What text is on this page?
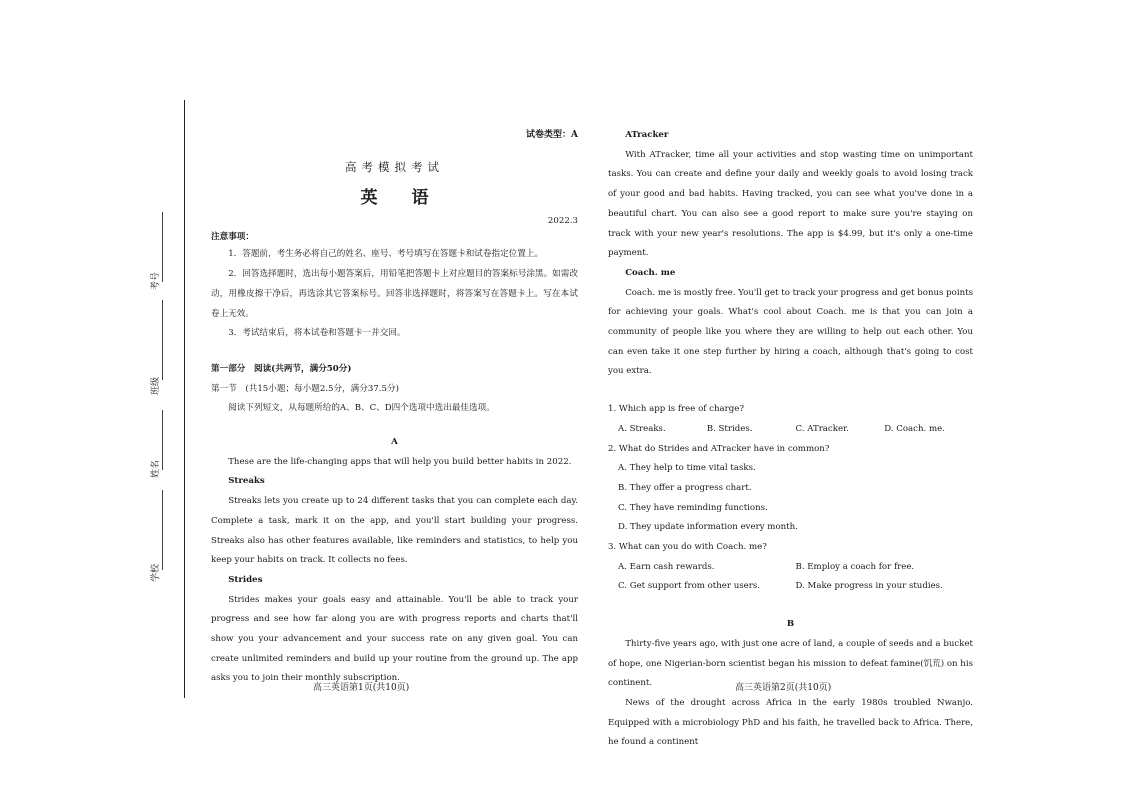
考号
班级
姓名
学校
试卷类型：A
高考模拟考试
英　　语
2022.3
注意事项：

1．答题前，考生务必将自己的姓名、座号、考号填写在答题卡和试卷指定位置上。

2．回答选择题时，选出每小题答案后，用铅笔把答题卡上对应题目的答案标号涂黑。如需改动，用橡皮擦干净后，再选涂其它答案标号。回答非选择题时，将答案写在答题卡上。写在本试卷上无效。

3．考试结束后，将本试卷和答题卡一并交回。

第一部分　阅读(共两节，满分50分)
第一节　(共15小题；每小题2.5分，满分37.5分)
阅读下列短文，从每题所给的A、B、C、D四个选项中选出最佳选项。
A

These are the life-changing apps that will help you build better habits in 2022.

Streaks

Streaks lets you create up to 24 different tasks that you can complete each day. Complete a task, mark it on the app, and you'll start building your progress. Streaks also has other features available, like reminders and statistics, to help you keep your habits on track. It collects no fees.

Strides

Strides makes your goals easy and attainable. You'll be able to track your progress and see how far along you are with progress reports and charts that'll show you your advancement and your success rate on any given goal. You can create unlimited reminders and build up your routine from the ground up. The app asks you to join their monthly subscription.

高三英语第1页(共10页)
ATracker

With ATracker, time all your activities and stop wasting time on unimportant tasks. You can create and define your daily and weekly goals to avoid losing track of your good and bad habits. Having tracked, you can see what you've done in a beautiful chart. You can also see a good report to make sure you're staying on track with your new year's resolutions. The app is $4.99, but it's only a one-time payment.

Coach. me

Coach. me is mostly free. You'll get to track your progress and get bonus points for achieving your goals. What's cool about Coach. me is that you can join a community of people like you where they are willing to help out each other. You can even take it one step further by hiring a coach, although that's going to cost you extra.

1. Which app is free of charge?
A. Streaks.	B. Strides.	C. ATracker.	D. Coach. me.
2. What do Strides and ATracker have in common?
A. They help to time vital tasks.
B. They offer a progress chart.
C. They have reminding functions.
D. They update information every month.
3. What can you do with Coach. me?
A. Earn cash rewards.	B. Employ a coach for free.
C. Get support from other users.	D. Make progress in your studies.
B

Thirty-five years ago, with just one acre of land, a couple of seeds and a bucket of hope, one Nigerian-born scientist began his mission to defeat famine(饥荒) on his continent.

News of the drought across Africa in the early 1980s troubled Nwanjo. Equipped with a microbiology PhD and his faith, he travelled back to Africa. There, he found a continent

高三英语第2页(共10页)
